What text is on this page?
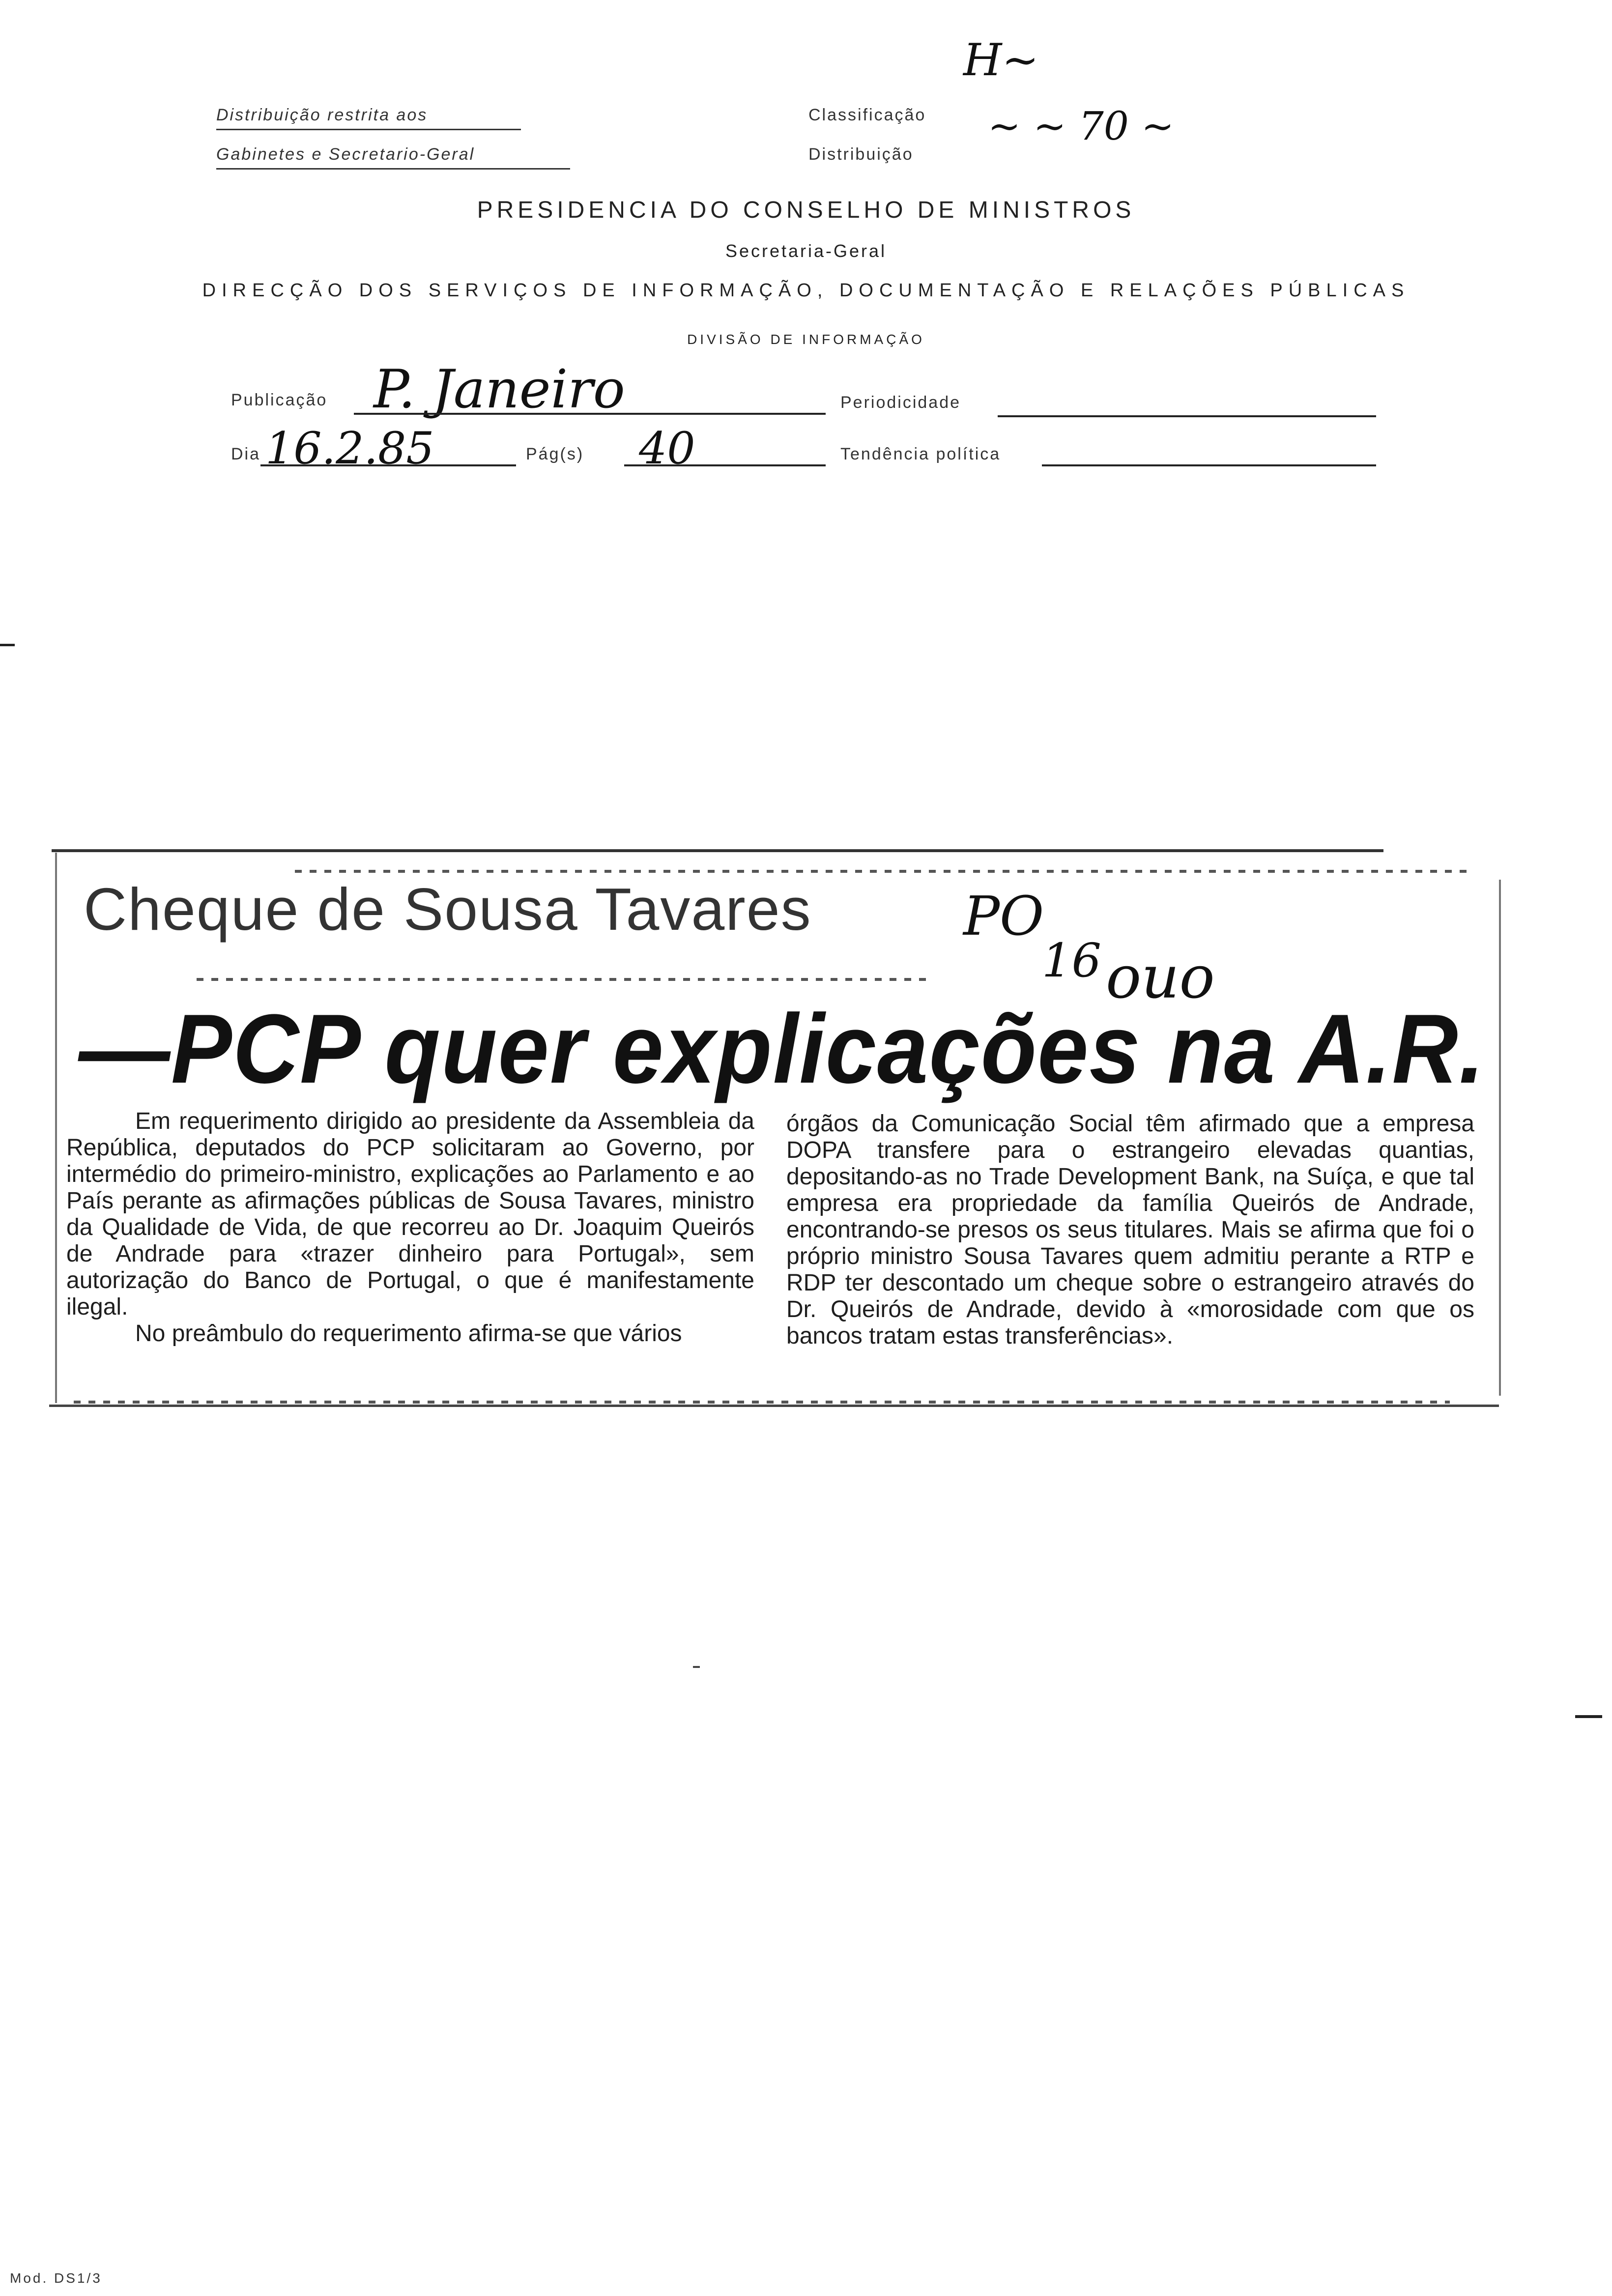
H~
Distribuição restrita aos
Gabinetes e Secretario-Geral
Classificação
Distribuição
~ ~ 70 ~
PRESIDENCIA DO CONSELHO DE MINISTROS
Secretaria-Geral
DIRECÇÃO DOS SERVIÇOS DE INFORMAÇÃO, DOCUMENTAÇÃO E RELAÇÕES PÚBLICAS
DIVISÃO DE INFORMAÇÃO
Publicação P. Janeiro	Periodicidade
Dia 16.2.85	Pág(s) 40	Tendência política
Cheque de Sousa Tavares	PO
16 ouo
—PCP quer explicações na A.R.

Em requerimento dirigido ao presidente da Assembleia da República, deputados do PCP solicitaram ao Governo, por intermédio do primeiro-ministro, explicações ao Parlamento e ao País perante as afirmações públicas de Sousa Tavares, ministro da Qualidade de Vida, de que recorreu ao Dr. Joaquim Queirós de Andrade para «trazer dinheiro para Portugal», sem autorização do Banco de Portugal, o que é manifestamente ilegal.

No preâmbulo do requerimento afirma-se que vários

órgãos da Comunicação Social têm afirmado que a empresa DOPA transfere para o estrangeiro elevadas quantias, depositando-as no Trade Development Bank, na Suíça, e que tal empresa era propriedade da família Queirós de Andrade, encontrando-se presos os seus titulares. Mais se afirma que foi o próprio ministro Sousa Tavares quem admitiu perante a RTP e RDP ter descontado um cheque sobre o estrangeiro através do Dr. Queirós de Andrade, devido à «morosidade com que os bancos tratam estas transferências».

Mod. DS1/3
